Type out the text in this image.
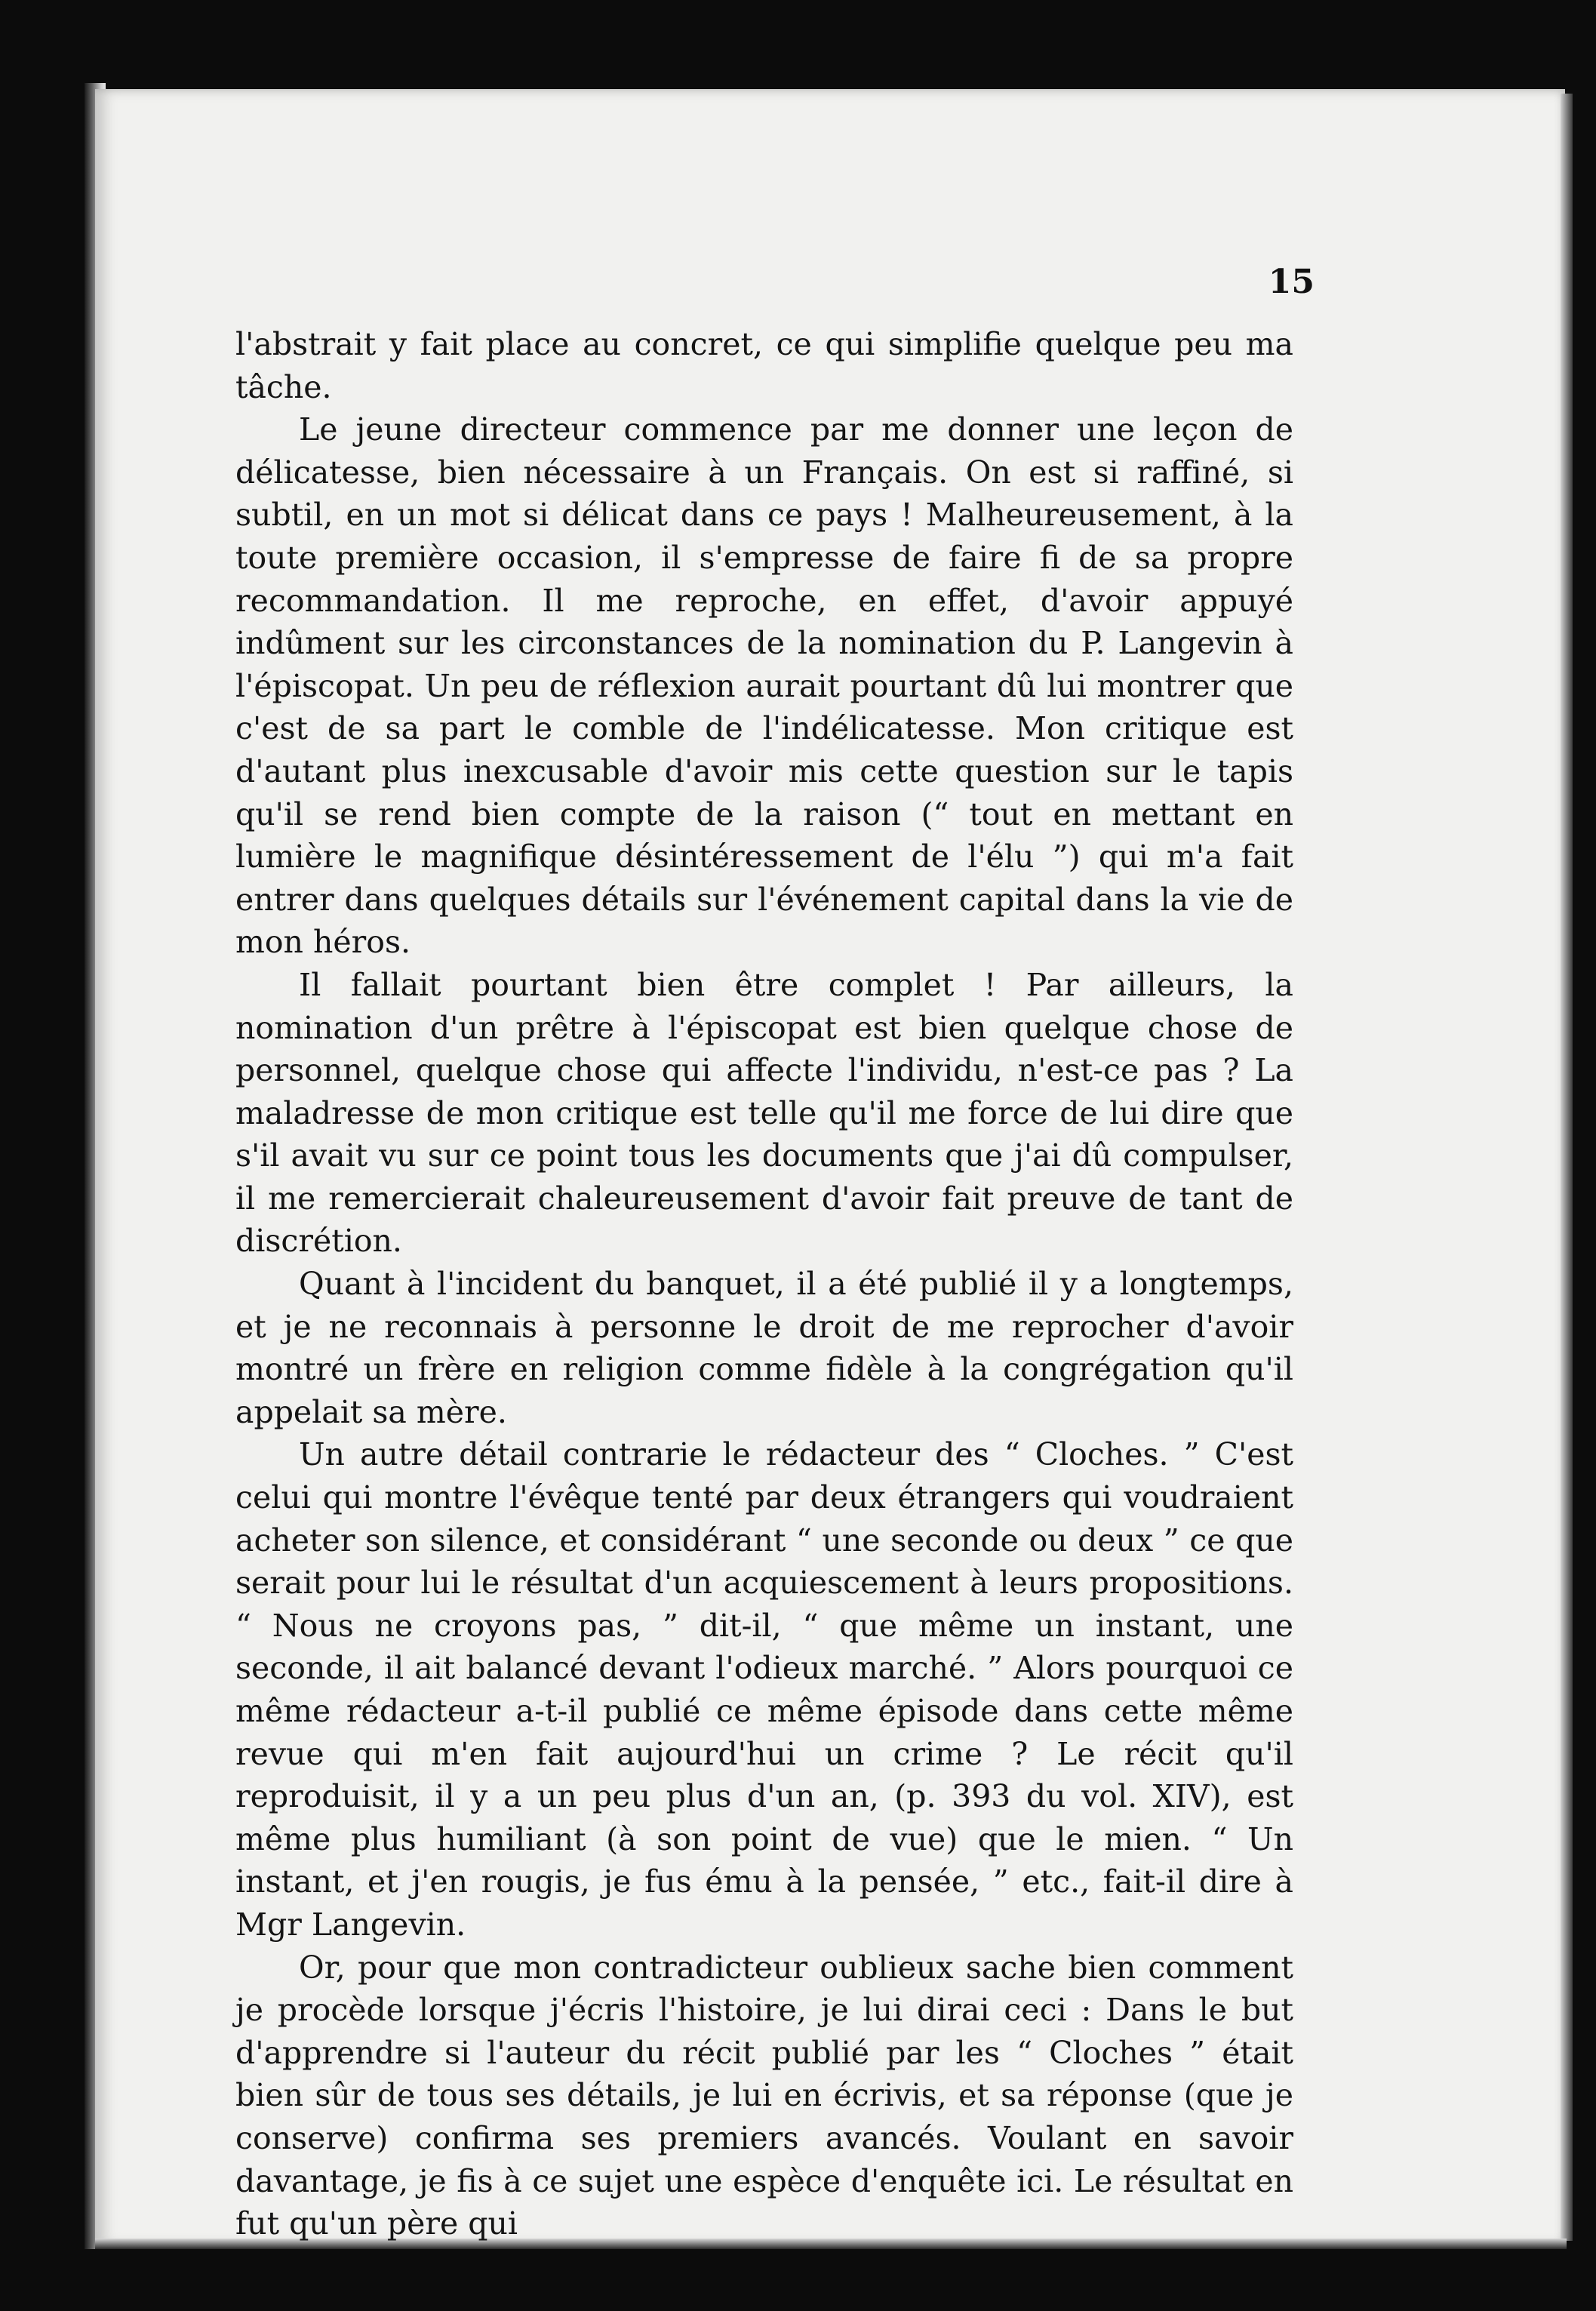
15

l'abstrait y fait place au concret, ce qui simplifie quelque peu ma tâche.

Le jeune directeur commence par me donner une leçon de délicatesse, bien nécessaire à un Français. On est si raffiné, si subtil, en un mot si délicat dans ce pays ! Malheureusement, à la toute première occasion, il s'empresse de faire fi de sa propre recommandation. Il me reproche, en effet, d'avoir appuyé indûment sur les circonstances de la nomination du P. Langevin à l'épiscopat. Un peu de réflexion aurait pourtant dû lui montrer que c'est de sa part le comble de l'indélicatesse. Mon critique est d'autant plus inexcusable d'avoir mis cette question sur le tapis qu'il se rend bien compte de la raison (“ tout en mettant en lumière le magnifique désintéressement de l'élu ”) qui m'a fait entrer dans quelques détails sur l'événement capital dans la vie de mon héros.

Il fallait pourtant bien être complet ! Par ailleurs, la nomination d'un prêtre à l'épiscopat est bien quelque chose de personnel, quelque chose qui affecte l'individu, n'est-ce pas ? La maladresse de mon critique est telle qu'il me force de lui dire que s'il avait vu sur ce point tous les documents que j'ai dû compulser, il me remercierait chaleureusement d'avoir fait preuve de tant de discrétion.

Quant à l'incident du banquet, il a été publié il y a longtemps, et je ne reconnais à personne le droit de me reprocher d'avoir montré un frère en religion comme fidèle à la congrégation qu'il appelait sa mère.

Un autre détail contrarie le rédacteur des “ Cloches. ” C'est celui qui montre l'évêque tenté par deux étrangers qui voudraient acheter son silence, et considérant “ une seconde ou deux ” ce que serait pour lui le résultat d'un acquiescement à leurs propositions. “ Nous ne croyons pas, ” dit-il, “ que même un instant, une seconde, il ait balancé devant l'odieux marché. ” Alors pourquoi ce même rédacteur a-t-il publié ce même épisode dans cette même revue qui m'en fait aujourd'hui un crime ? Le récit qu'il reproduisit, il y a un peu plus d'un an, (p. 393 du vol. XIV), est même plus humiliant (à son point de vue) que le mien. “ Un instant, et j'en rougis, je fus ému à la pensée, ” etc., fait-il dire à Mgr Langevin.

Or, pour que mon contradicteur oublieux sache bien comment je procède lorsque j'écris l'histoire, je lui dirai ceci : Dans le but d'apprendre si l'auteur du récit publié par les “ Cloches ” était bien sûr de tous ses détails, je lui en écrivis, et sa réponse (que je conserve) confirma ses premiers avancés. Voulant en savoir davantage, je fis à ce sujet une espèce d'enquête ici. Le résultat en fut qu'un père qui
